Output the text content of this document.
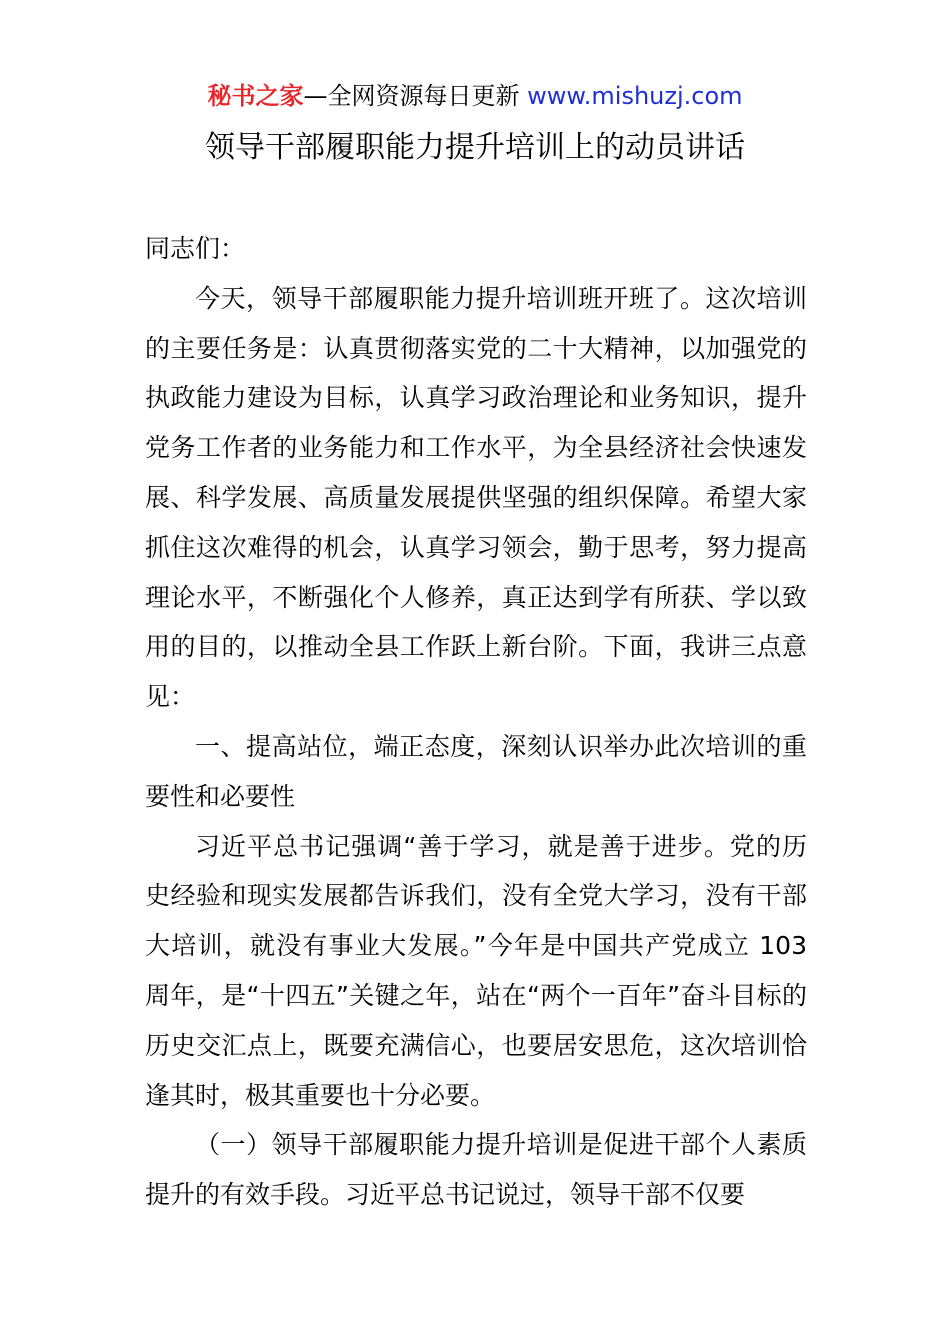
秘书之家—全网资源每日更新 www.mishuzj.com
领导干部履职能力提升培训上的动员讲话

同志们：

今天，领导干部履职能力提升培训班开班了。这次培训的主要任务是：认真贯彻落实党的二十大精神，以加强党的执政能力建设为目标，认真学习政治理论和业务知识，提升党务工作者的业务能力和工作水平，为全县经济社会快速发展、科学发展、高质量发展提供坚强的组织保障。希望大家抓住这次难得的机会，认真学习领会，勤于思考，努力提高理论水平，不断强化个人修养，真正达到学有所获、学以致用的目的，以推动全县工作跃上新台阶。下面，我讲三点意见：

一、提高站位，端正态度，深刻认识举办此次培训的重要性和必要性

习近平总书记强调“善于学习，就是善于进步。党的历史经验和现实发展都告诉我们，没有全党大学习，没有干部大培训，就没有事业大发展。”今年是中国共产党成立 103 周年，是“十四五”关键之年，站在“两个一百年”奋斗目标的历史交汇点上，既要充满信心，也要居安思危，这次培训恰逢其时，极其重要也十分必要。

（一）领导干部履职能力提升培训是促进干部个人素质提升的有效手段。习近平总书记说过，领导干部不仅要
